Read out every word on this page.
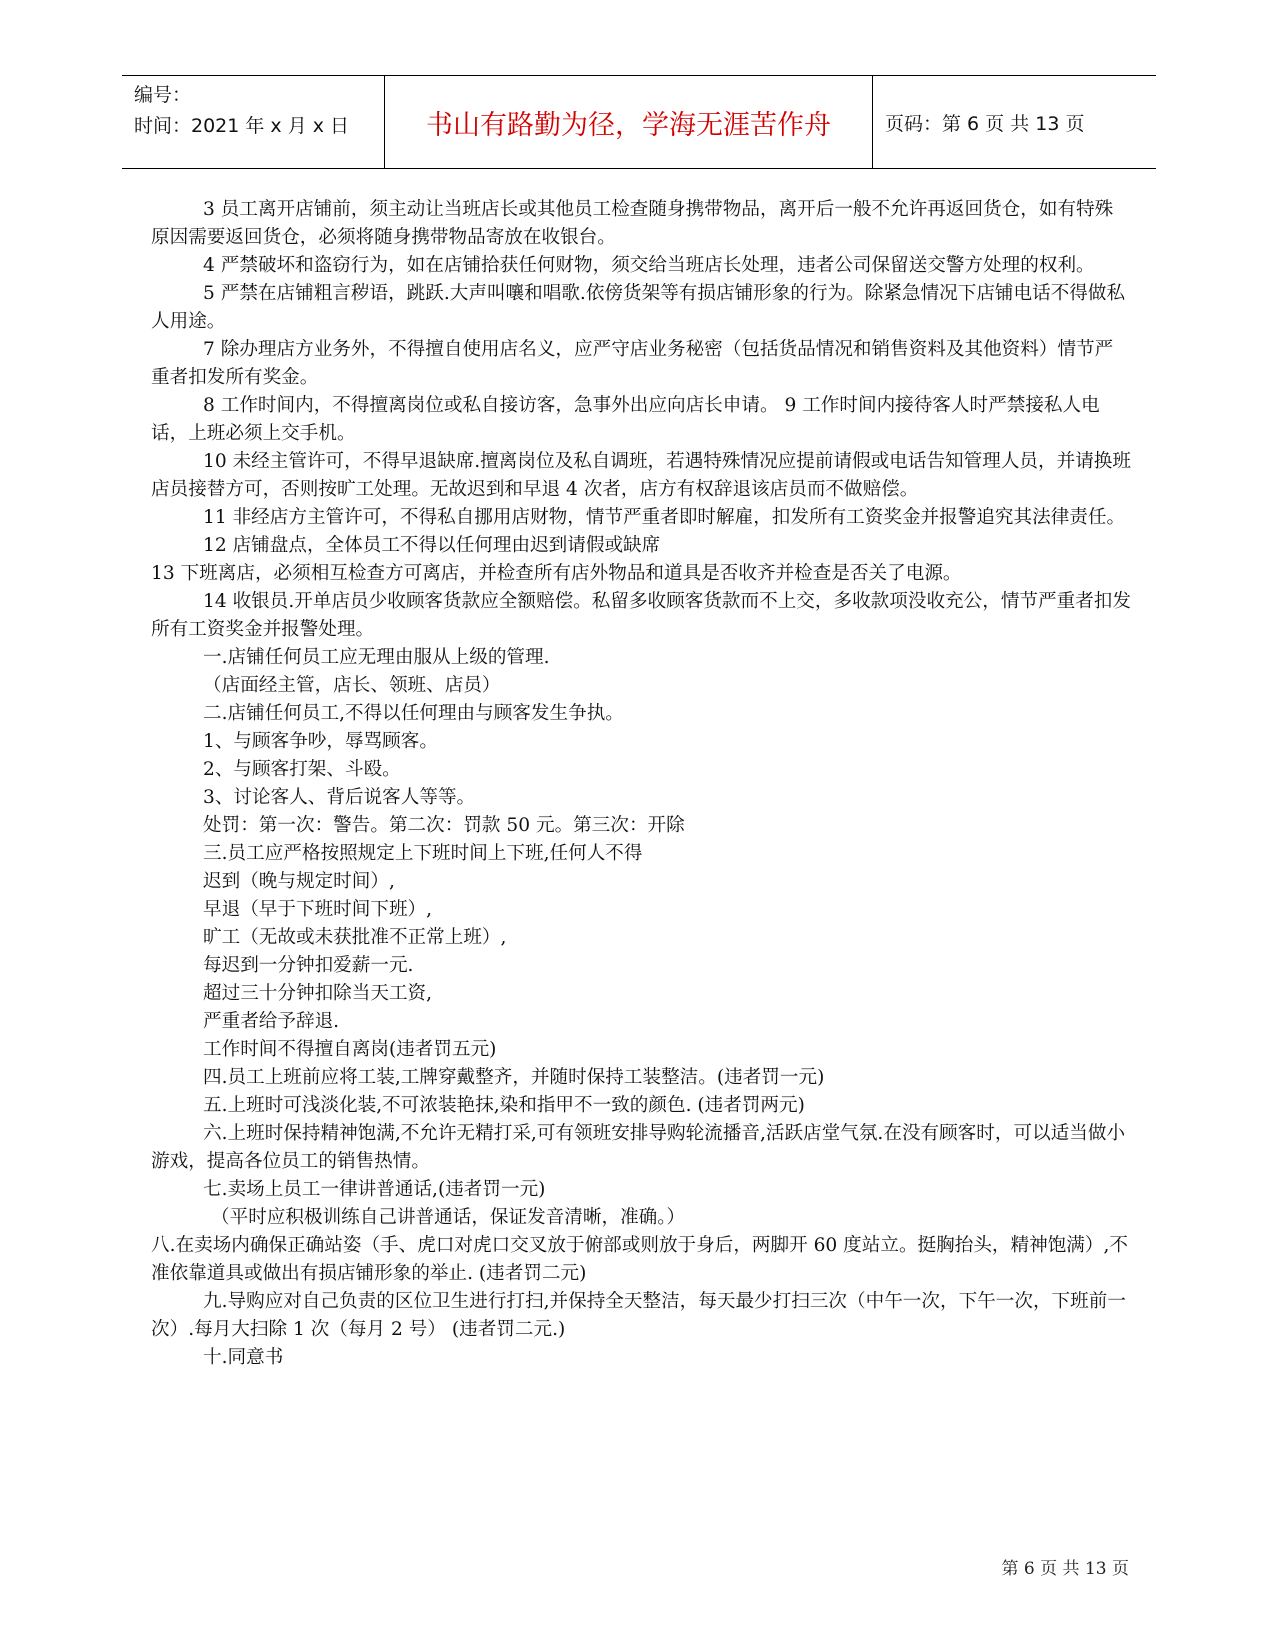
编号：
时间：2021 年 x 月 x 日	书山有路勤为径，学海无涯苦作舟	页码：第 6 页 共 13 页

3 员工离开店铺前，须主动让当班店长或其他员工检查随身携带物品，离开后一般不允许再返回货仓，如有特殊原因需要返回货仓，必须将随身携带物品寄放在收银台。

4 严禁破坏和盗窃行为，如在店铺拾获任何财物，须交给当班店长处理，违者公司保留送交警方处理的权利。

5 严禁在店铺粗言秽语，跳跃.大声叫嚷和唱歌.依傍货架等有损店铺形象的行为。除紧急情况下店铺电话不得做私人用途。

7 除办理店方业务外，不得擅自使用店名义，应严守店业务秘密（包括货品情况和销售资料及其他资料）情节严重者扣发所有奖金。

8 工作时间内，不得擅离岗位或私自接访客，急事外出应向店长申请。 9 工作时间内接待客人时严禁接私人电话，上班必须上交手机。

10 未经主管许可，不得早退缺席.擅离岗位及私自调班，若遇特殊情况应提前请假或电话告知管理人员，并请换班店员接替方可，否则按旷工处理。无故迟到和早退 4 次者，店方有权辞退该店员而不做赔偿。

11 非经店方主管许可，不得私自挪用店财物，情节严重者即时解雇，扣发所有工资奖金并报警追究其法律责任。

12 店铺盘点，全体员工不得以任何理由迟到请假或缺席

13 下班离店，必须相互检查方可离店，并检查所有店外物品和道具是否收齐并检查是否关了电源。

14 收银员.开单店员少收顾客货款应全额赔偿。私留多收顾客货款而不上交，多收款项没收充公，情节严重者扣发所有工资奖金并报警处理。

一.店铺任何员工应无理由服从上级的管理.

（店面经主管，店长、领班、店员）

二.店铺任何员工,不得以任何理由与顾客发生争执。

1、与顾客争吵，辱骂顾客。

2、与顾客打架、斗殴。

3、讨论客人、背后说客人等等。

处罚：第一次：警告。第二次：罚款 50 元。第三次：开除

三.员工应严格按照规定上下班时间上下班,任何人不得

迟到（晚与规定时间）,

早退（早于下班时间下班）,

旷工（无故或未获批准不正常上班）,

每迟到一分钟扣爱薪一元.

超过三十分钟扣除当天工资,

严重者给予辞退.

工作时间不得擅自离岗(违者罚五元)

四.员工上班前应将工装,工牌穿戴整齐，并随时保持工装整洁。(违者罚一元)

五.上班时可浅淡化装,不可浓装艳抹,染和指甲不一致的颜色. (违者罚两元)

六.上班时保持精神饱满,不允许无精打采,可有领班安排导购轮流播音,活跃店堂气氛.在没有顾客时，可以适当做小游戏，提高各位员工的销售热情。

七.卖场上员工一律讲普通话,(违者罚一元)

（平时应积极训练自己讲普通话，保证发音清晰，准确。）

八.在卖场内确保正确站姿（手、虎口对虎口交叉放于俯部或则放于身后，两脚开 60 度站立。挺胸抬头，精神饱满）,不准依靠道具或做出有损店铺形象的举止. (违者罚二元)

九.导购应对自己负责的区位卫生进行打扫,并保持全天整洁，每天最少打扫三次（中午一次，下午一次，下班前一次）.每月大扫除 1 次（每月 2 号） (违者罚二元.)

十.同意书

第 6 页 共 13 页
